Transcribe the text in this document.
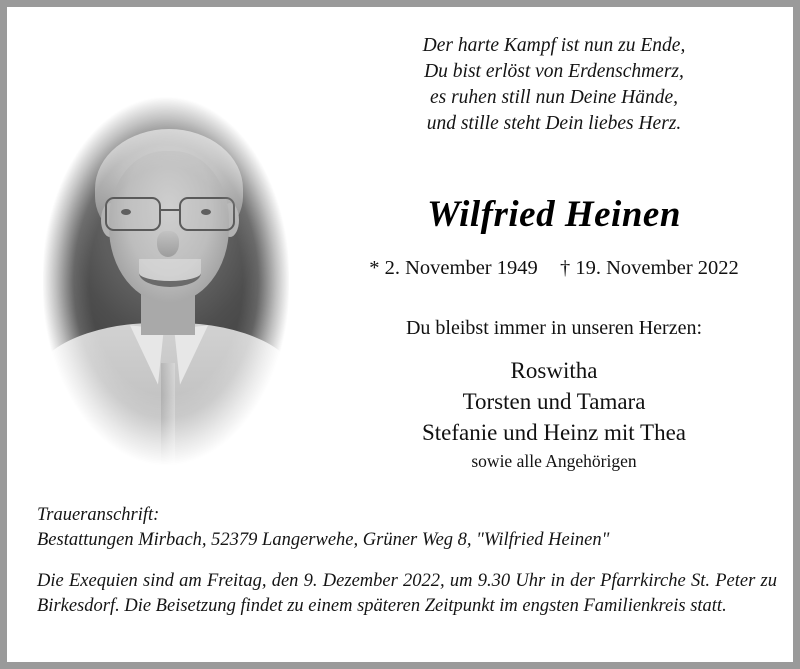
Der harte Kampf ist nun zu Ende,
Du bist erlöst von Erdenschmerz,
es ruhen still nun Deine Hände,
und stille steht Dein liebes Herz.
Wilfried Heinen
* 2. November 1949 † 19. November 2022
Du bleibst immer in unseren Herzen:
Roswitha
Torsten und Tamara
Stefanie und Heinz mit Thea
sowie alle Angehörigen
Traueranschrift:
Bestattungen Mirbach, 52379 Langerwehe, Grüner Weg 8, "Wilfried Heinen"
Die Exequien sind am Freitag, den 9. Dezember 2022, um 9.30 Uhr in der Pfarrkirche St. Peter zu Birkesdorf. Die Beisetzung findet zu einem späteren Zeitpunkt im engsten Familienkreis statt.
